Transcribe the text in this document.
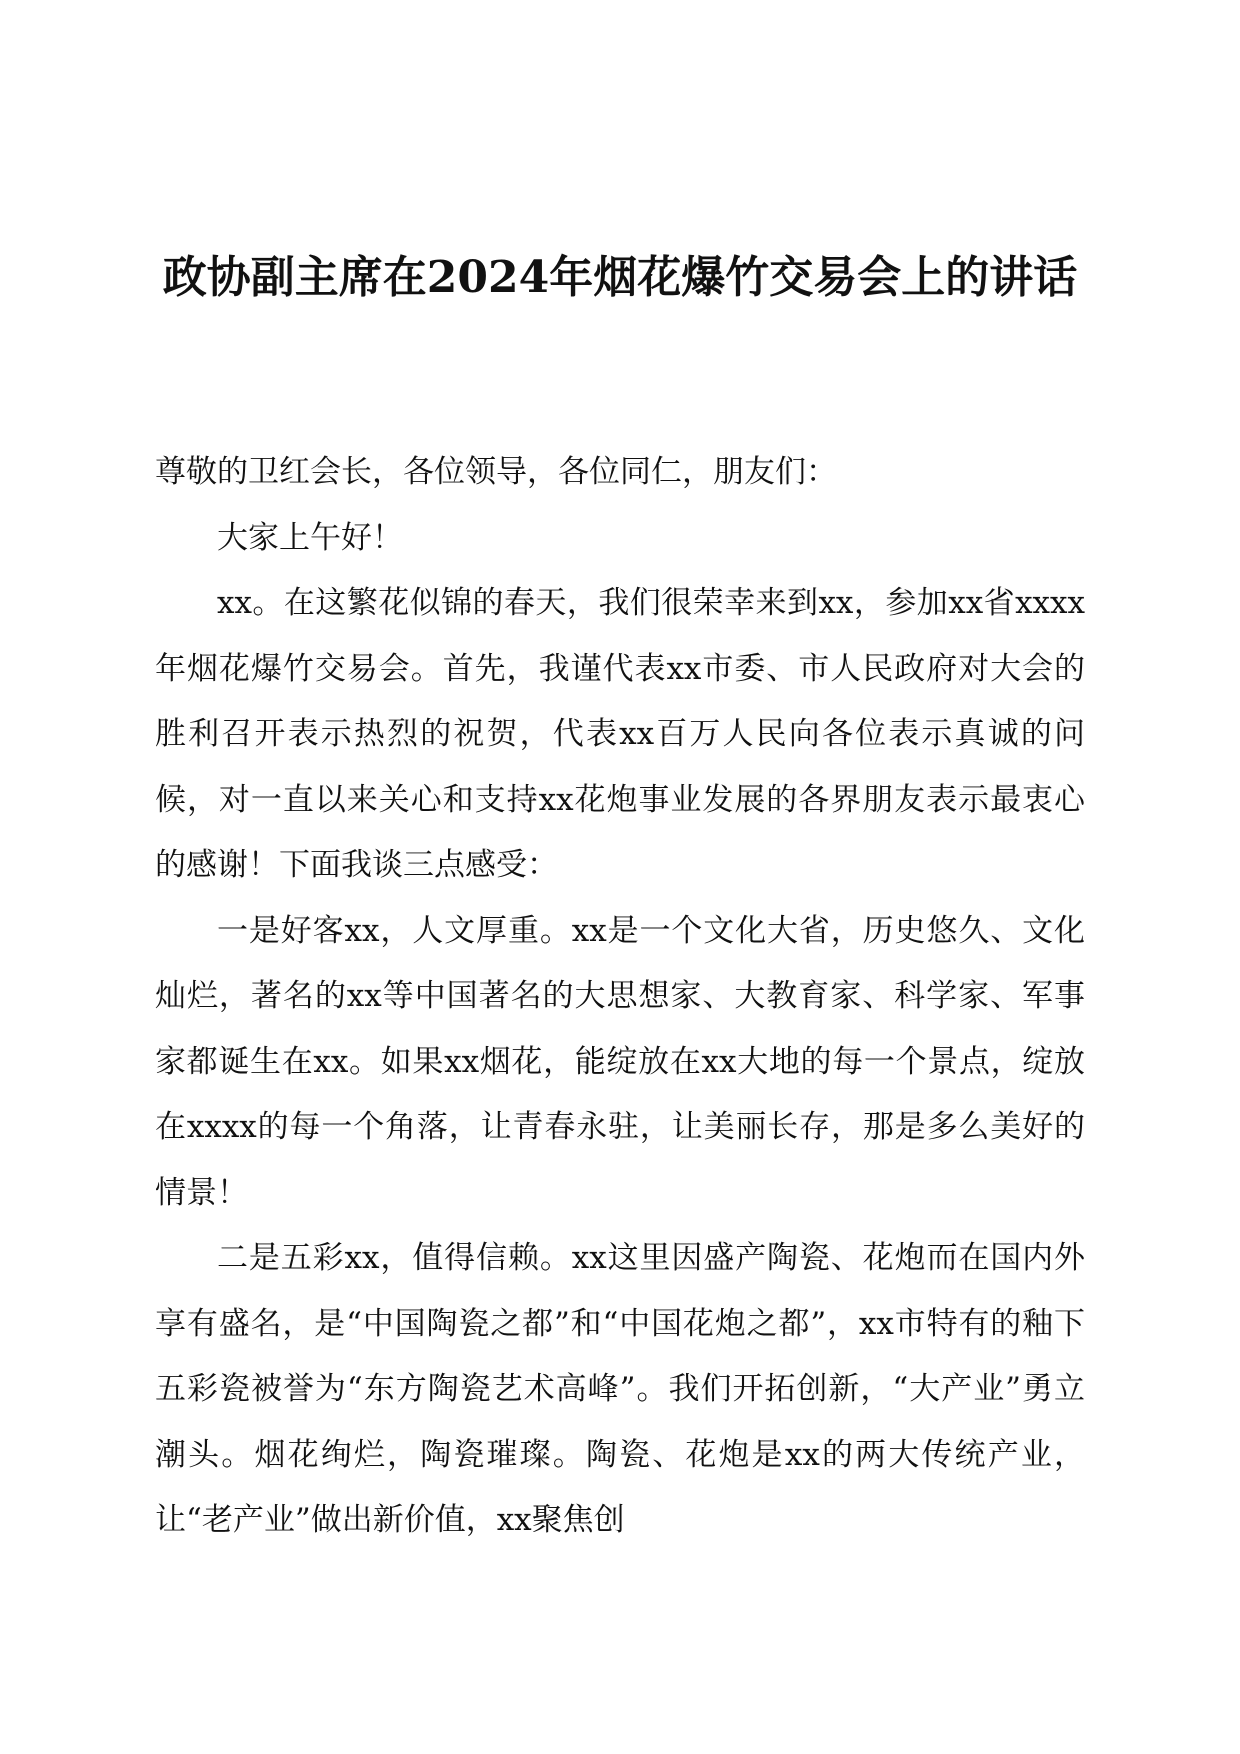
政协副主席在2024年烟花爆竹交易会上的讲话

尊敬的卫红会长，各位领导，各位同仁，朋友们：

大家上午好！

xx。在这繁花似锦的春天，我们很荣幸来到xx，参加xx省xxxx年烟花爆竹交易会。首先，我谨代表xx市委、市人民政府对大会的胜利召开表示热烈的祝贺，代表xx百万人民向各位表示真诚的问候，对一直以来关心和支持xx花炮事业发展的各界朋友表示最衷心的感谢！下面我谈三点感受：

一是好客xx，人文厚重。xx是一个文化大省，历史悠久、文化灿烂，著名的xx等中国著名的大思想家、大教育家、科学家、军事家都诞生在xx。如果xx烟花，能绽放在xx大地的每一个景点，绽放在xxxx的每一个角落，让青春永驻，让美丽长存，那是多么美好的情景！

二是五彩xx，值得信赖。xx这里因盛产陶瓷、花炮而在国内外享有盛名，是“中国陶瓷之都”和“中国花炮之都”，xx市特有的釉下五彩瓷被誉为“东方陶瓷艺术高峰”。我们开拓创新，“大产业”勇立潮头。烟花绚烂，陶瓷璀璨。陶瓷、花炮是xx的两大传统产业，让“老产业”做出新价值，xx聚焦创
